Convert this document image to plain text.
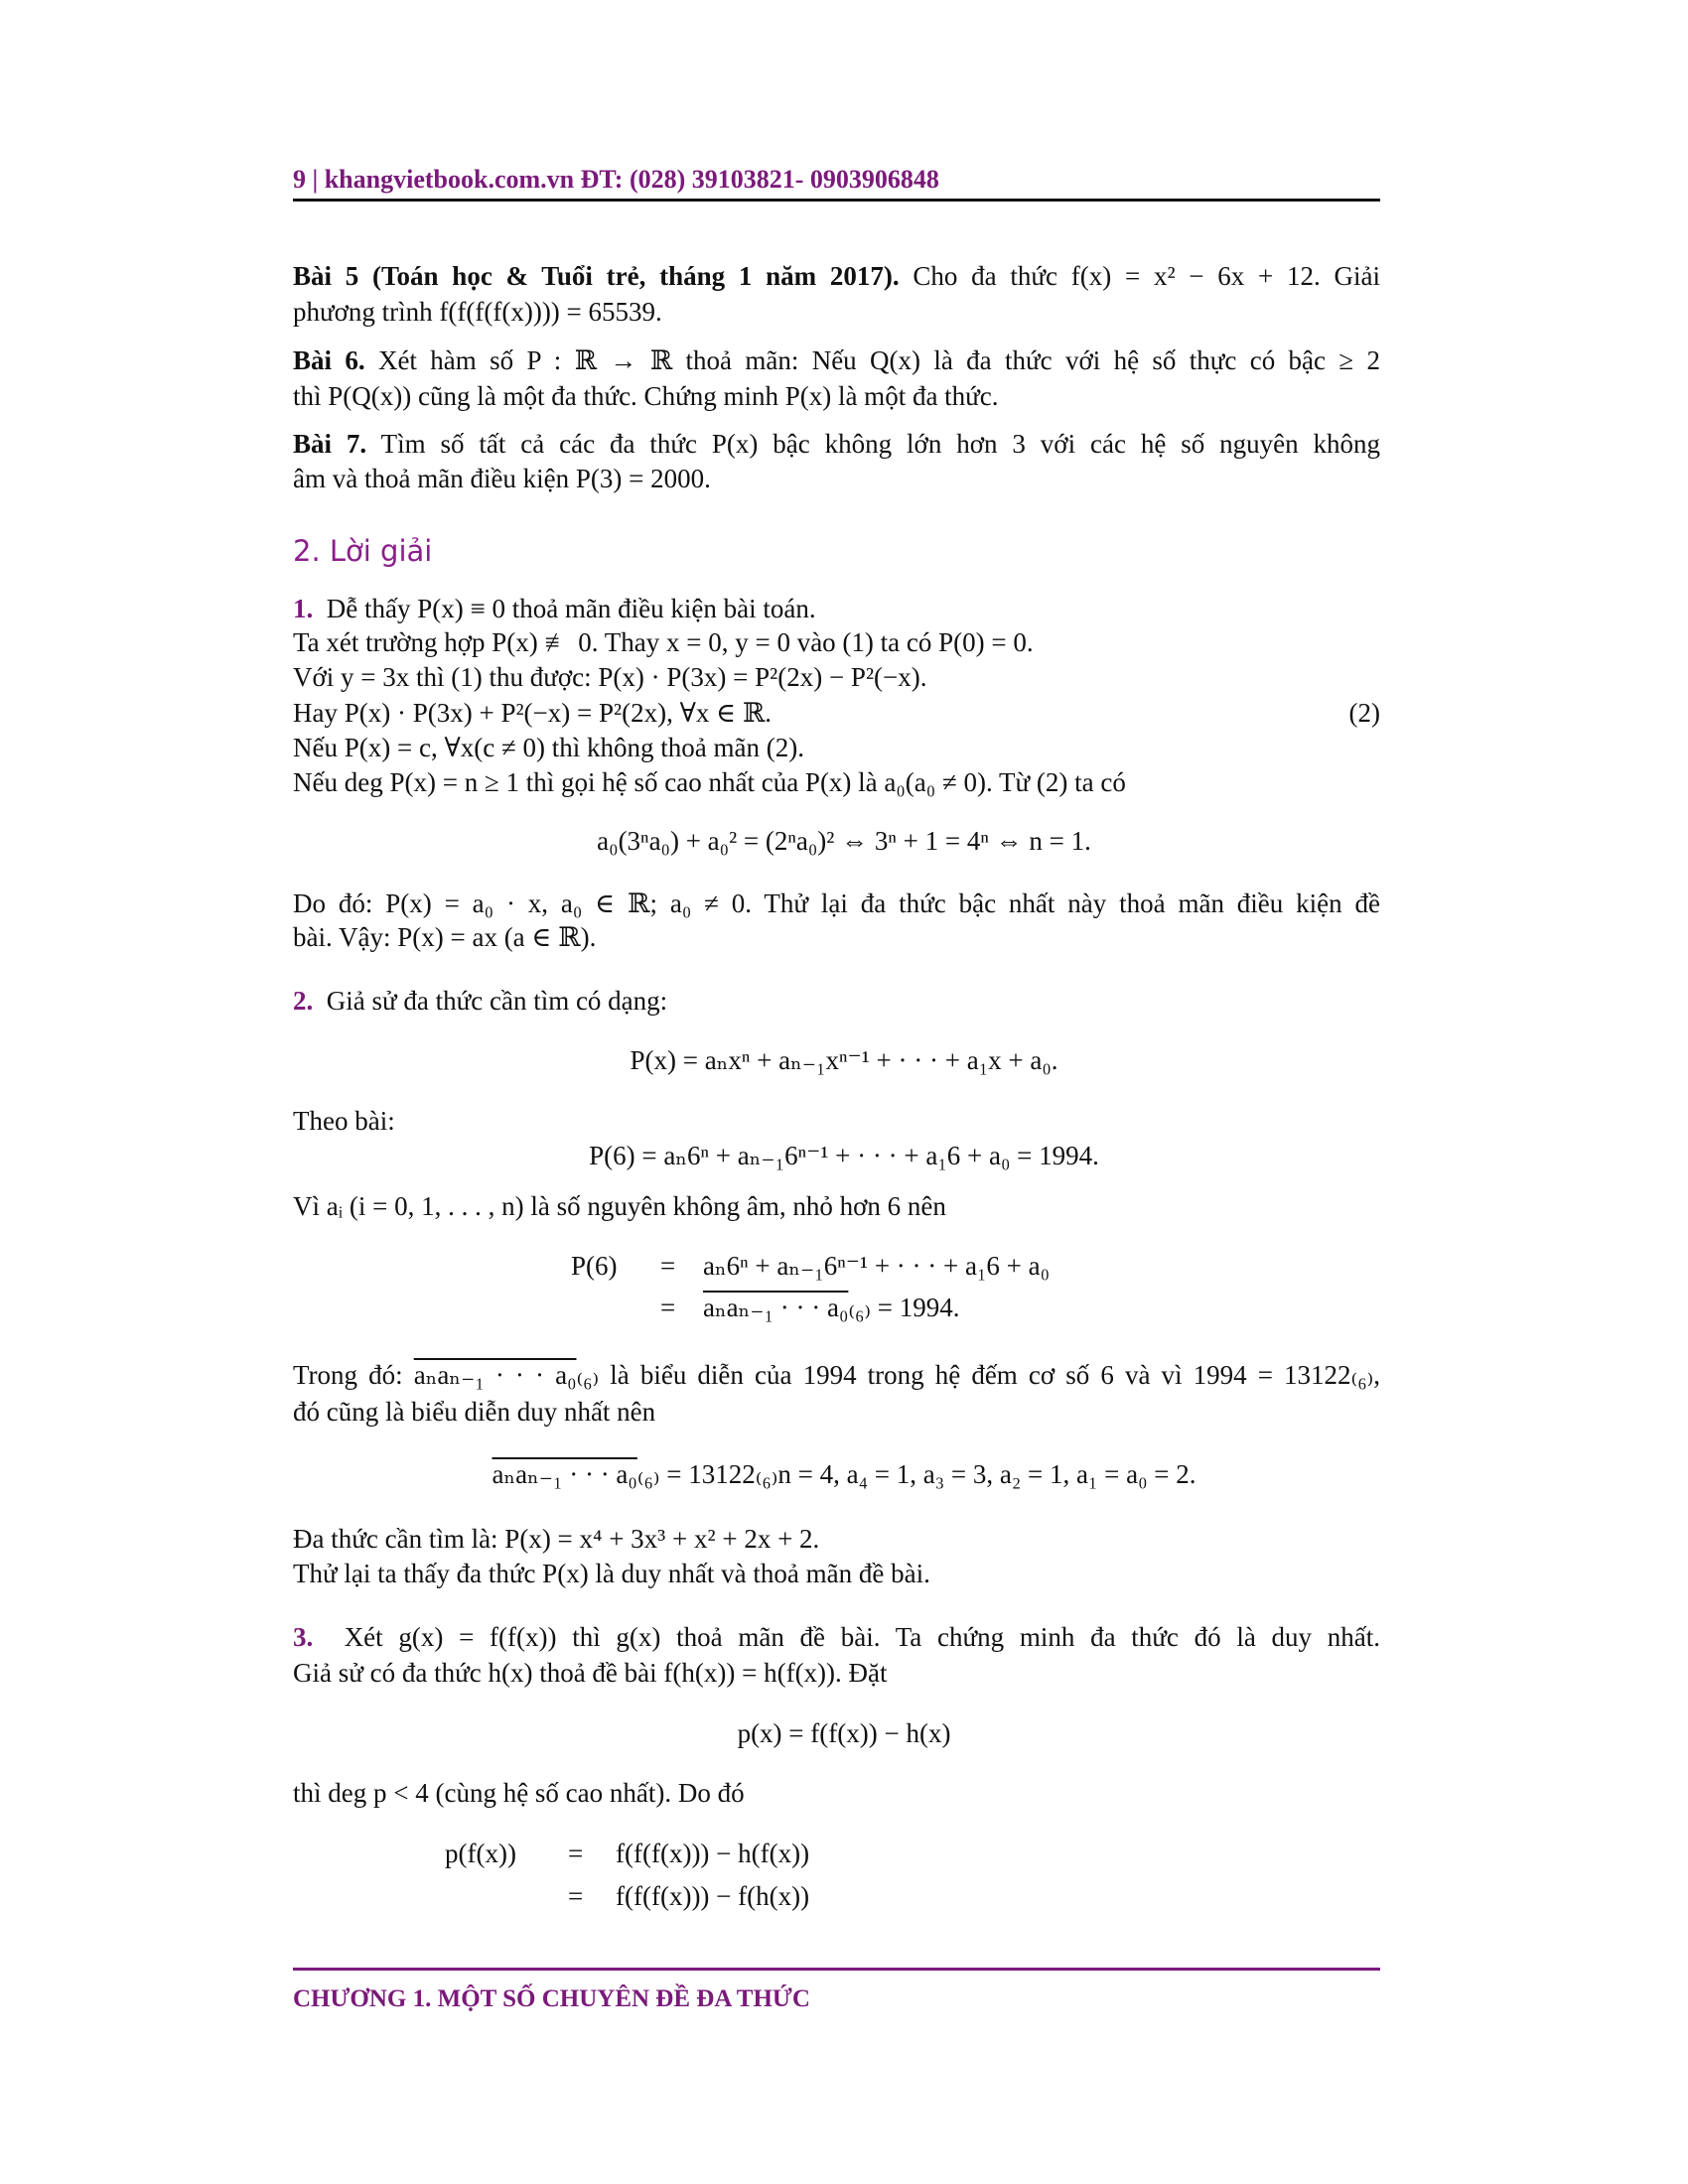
9 | khangvietbook.com.vn ĐT: (028) 39103821- 0903906848
Bài 5 (Toán học & Tuổi trẻ, tháng 1 năm 2017). Cho đa thức f(x) = x² − 6x + 12. Giải
phương trình f(f(f(f(x)))) = 65539.
Bài 6. Xét hàm số P : ℝ → ℝ thoả mãn: Nếu Q(x) là đa thức với hệ số thực có bậc ≥ 2
thì P(Q(x)) cũng là một đa thức. Chứng minh P(x) là một đa thức.
Bài 7. Tìm số tất cả các đa thức P(x) bậc không lớn hơn 3 với các hệ số nguyên không
âm và thoả mãn điều kiện P(3) = 2000.
2. Lời giải
1. Dễ thấy P(x) ≡ 0 thoả mãn điều kiện bài toán.
Ta xét trường hợp P(x) ≢ 0. Thay x = 0, y = 0 vào (1) ta có P(0) = 0.
Với y = 3x thì (1) thu được: P(x) · P(3x) = P²(2x) − P²(−x).
Hay P(x) · P(3x) + P²(−x) = P²(2x), ∀x ∈ ℝ.	(2)
Nếu P(x) = c, ∀x(c ≠ 0) thì không thoả mãn (2).
Nếu deg P(x) = n ≥ 1 thì gọi hệ số cao nhất của P(x) là a₀(a₀ ≠ 0). Từ (2) ta có
a₀(3ⁿa₀) + a₀² = (2ⁿa₀)² ⇔ 3ⁿ + 1 = 4ⁿ ⇔ n = 1.
Do đó: P(x) = a₀ · x, a₀ ∈ ℝ; a₀ ≠ 0. Thử lại đa thức bậc nhất này thoả mãn điều kiện đề
bài. Vậy: P(x) = ax (a ∈ ℝ).
2. Giả sử đa thức cần tìm có dạng:
P(x) = aₙxⁿ + aₙ₋₁xⁿ⁻¹ + · · · + a₁x + a₀.
Theo bài:
P(6) = aₙ6ⁿ + aₙ₋₁6ⁿ⁻¹ + · · · + a₁6 + a₀ = 1994.
Vì aᵢ (i = 0, 1, . . . , n) là số nguyên không âm, nhỏ hơn 6 nên
P(6) = aₙ6ⁿ + aₙ₋₁6ⁿ⁻¹ + · · · + a₁6 + a₀
= aₙaₙ₋₁ · · · a₀₍₆₎ = 1994.
Trong đó: aₙaₙ₋₁ · · · a₀₍₆₎ là biểu diễn của 1994 trong hệ đếm cơ số 6 và vì 1994 = 13122₍₆₎,
đó cũng là biểu diễn duy nhất nên
aₙaₙ₋₁ · · · a₀₍₆₎ = 13122₍₆₎n = 4, a₄ = 1, a₃ = 3, a₂ = 1, a₁ = a₀ = 2.
Đa thức cần tìm là: P(x) = x⁴ + 3x³ + x² + 2x + 2.
Thử lại ta thấy đa thức P(x) là duy nhất và thoả mãn đề bài.
3. Xét g(x) = f(f(x)) thì g(x) thoả mãn đề bài. Ta chứng minh đa thức đó là duy nhất.
Giả sử có đa thức h(x) thoả đề bài f(h(x)) = h(f(x)). Đặt
p(x) = f(f(x)) − h(x)
thì deg p < 4 (cùng hệ số cao nhất). Do đó
p(f(x)) = f(f(f(x))) − h(f(x))
= f(f(f(x))) − f(h(x))
CHƯƠNG 1. MỘT SỐ CHUYÊN ĐỀ ĐA THỨC
